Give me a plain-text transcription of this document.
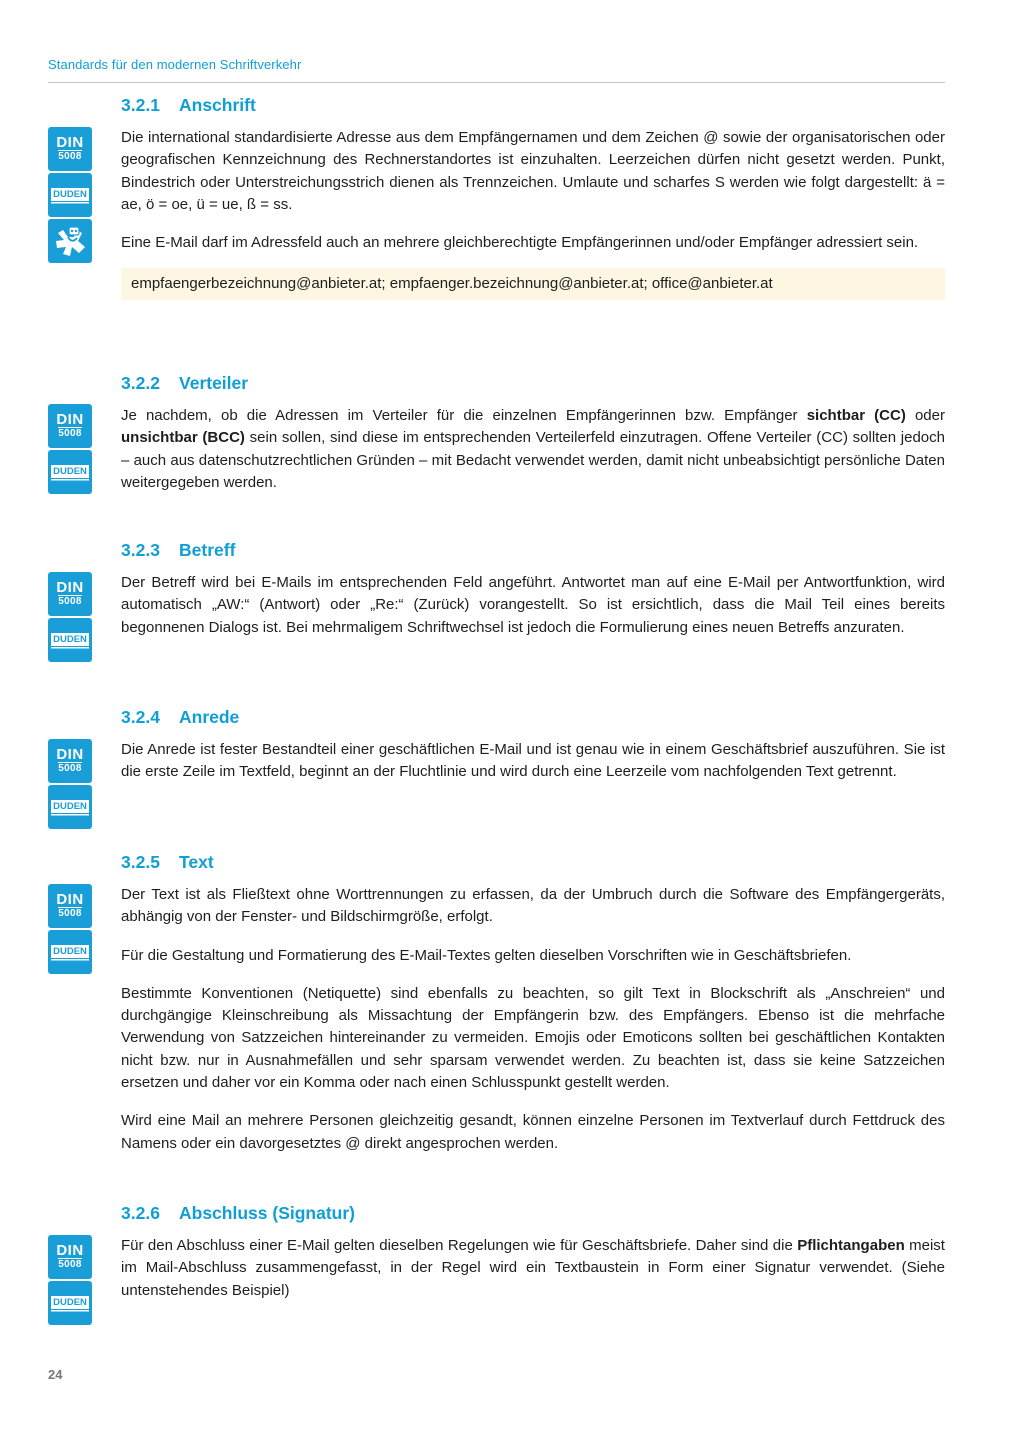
Standards für den modernen Schriftverkehr
DIN
5008
DUDEN
3.2.1 Anschrift

Die international standardisierte Adresse aus dem Empfängernamen und dem Zeichen @ sowie der organisatorischen oder geografischen Kennzeichnung des Rechnerstandortes ist einzuhalten. Leerzeichen dürfen nicht gesetzt werden. Punkt, Bindestrich oder Unterstreichungsstrich dienen als Trennzeichen. Umlaute und scharfes S werden wie folgt dargestellt: ä = ae, ö = oe, ü = ue, ß = ss.

Eine E-Mail darf im Adressfeld auch an mehrere gleichberechtigte Empfängerinnen und/oder Empfänger adressiert sein.

empfaengerbezeichnung@anbieter.at; empfaenger.bezeichnung@anbieter.at; office@anbieter.at
DIN
5008
DUDEN
3.2.2 Verteiler

Je nachdem, ob die Adressen im Verteiler für die einzelnen Empfängerinnen bzw. Empfänger sichtbar (CC) oder unsichtbar (BCC) sein sollen, sind diese im entsprechenden Verteilerfeld einzutragen. Offene Verteiler (CC) sollten jedoch – auch aus datenschutzrechtlichen Gründen – mit Bedacht verwendet werden, damit nicht unbeabsichtigt persönliche Daten weitergegeben werden.

DIN
5008
DUDEN
3.2.3 Betreff

Der Betreff wird bei E-Mails im entsprechenden Feld angeführt. Antwortet man auf eine E-Mail per Antwortfunktion, wird automatisch „AW:“ (Antwort) oder „Re:“ (Zurück) vorangestellt. So ist ersichtlich, dass die Mail Teil eines bereits begonnenen Dialogs ist. Bei mehrmaligem Schriftwechsel ist jedoch die Formulierung eines neuen Betreffs anzuraten.

DIN
5008
DUDEN
3.2.4 Anrede

Die Anrede ist fester Bestandteil einer geschäftlichen E-Mail und ist genau wie in einem Geschäftsbrief auszuführen. Sie ist die erste Zeile im Textfeld, beginnt an der Fluchtlinie und wird durch eine Leerzeile vom nachfolgenden Text getrennt.

DIN
5008
DUDEN
3.2.5 Text

Der Text ist als Fließtext ohne Worttrennungen zu erfassen, da der Umbruch durch die Software des Empfängergeräts, abhängig von der Fenster- und Bildschirmgröße, erfolgt.

Für die Gestaltung und Formatierung des E-Mail-Textes gelten dieselben Vorschriften wie in Geschäftsbriefen.

Bestimmte Konventionen (Netiquette) sind ebenfalls zu beachten, so gilt Text in Blockschrift als „Anschreien“ und durchgängige Kleinschreibung als Missachtung der Empfängerin bzw. des Empfängers. Ebenso ist die mehrfache Verwendung von Satzzeichen hintereinander zu vermeiden. Emojis oder Emoticons sollten bei geschäftlichen Kontakten nicht bzw. nur in Ausnahmefällen und sehr sparsam verwendet werden. Zu beachten ist, dass sie keine Satzzeichen ersetzen und daher vor ein Komma oder nach einen Schlusspunkt gestellt werden.

Wird eine Mail an mehrere Personen gleichzeitig gesandt, können einzelne Personen im Textverlauf durch Fettdruck des Namens oder ein davorgesetztes @ direkt angesprochen werden.

DIN
5008
DUDEN
3.2.6 Abschluss (Signatur)

Für den Abschluss einer E-Mail gelten dieselben Regelungen wie für Geschäftsbriefe. Daher sind die Pflichtangaben meist im Mail-Abschluss zusammengefasst, in der Regel wird ein Textbaustein in Form einer Signatur verwendet. (Siehe untenstehendes Beispiel)

24
